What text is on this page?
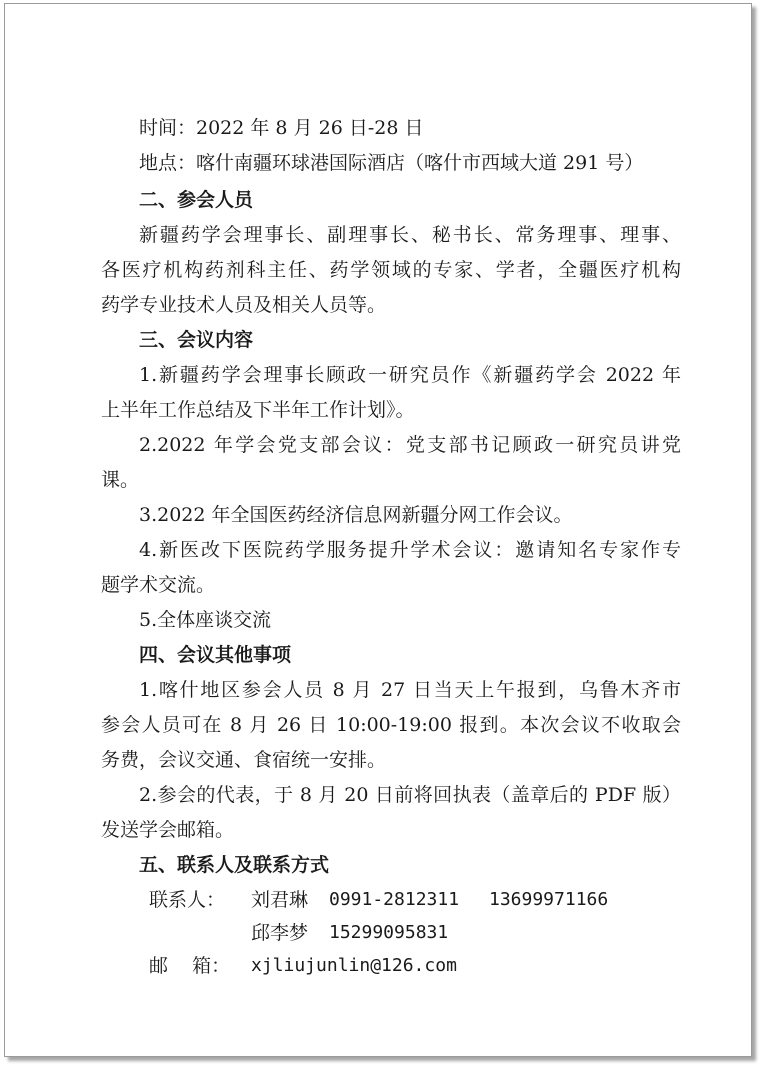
时间：2022 年 8 月 26 日-28 日
地点：喀什南疆环球港国际酒店（喀什市西域大道 291 号）
二、参会人员
新疆药学会理事长、副理事长、秘书长、常务理事、理事、
各医疗机构药剂科主任、药学领域的专家、学者，全疆医疗机构
药学专业技术人员及相关人员等。
三、会议内容
1.新疆药学会理事长顾政一研究员作《新疆药学会 2022 年
上半年工作总结及下半年工作计划》。
2.2022 年学会党支部会议：党支部书记顾政一研究员讲党
课。
3.2022 年全国医药经济信息网新疆分网工作会议。
4.新医改下医院药学服务提升学术会议：邀请知名专家作专
题学术交流。
5.全体座谈交流
四、会议其他事项
1.喀什地区参会人员 8 月 27 日当天上午报到，乌鲁木齐市
参会人员可在 8 月 26 日 10:00-19:00 报到。本次会议不收取会
务费，会议交通、食宿统一安排。
2.参会的代表，于 8 月 20 日前将回执表（盖章后的 PDF 版）
发送学会邮箱。
五、联系人及联系方式
联系人： 刘君琳 0991-2812311 13699971166
邱李梦 15299095831
邮    箱： xjliujunlin@126.com
